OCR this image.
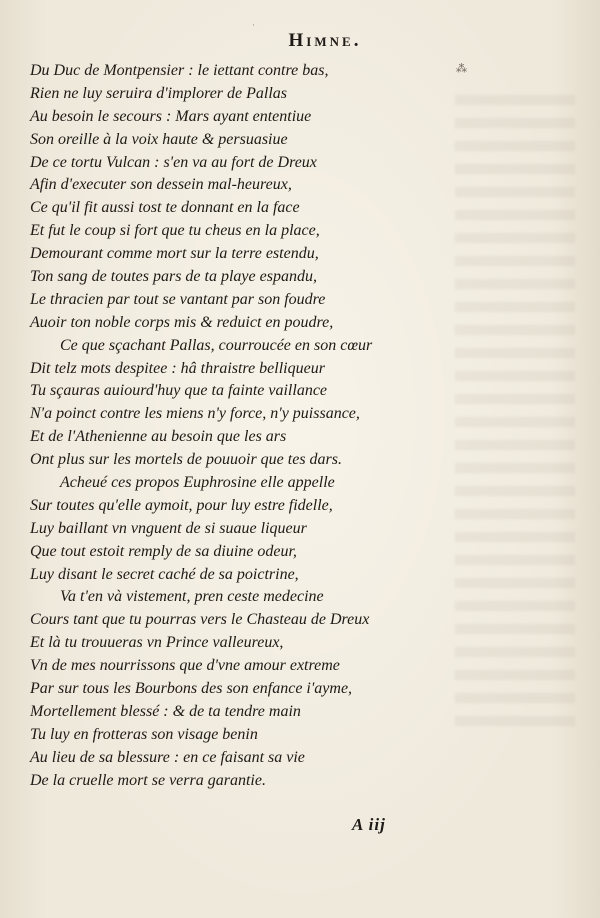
·
Himne.
⁂
Du Duc de Montpensier : le iettant contre bas,
Rien ne luy seruira d'implorer de Pallas
Au besoin le secours : Mars ayant ententiue
Son oreille à la voix haute & persuasiue
De ce tortu Vulcan : s'en va au fort de Dreux
Afin d'executer son dessein mal-heureux,
Ce qu'il fit aussi tost te donnant en la face
Et fut le coup si fort que tu cheus en la place,
Demourant comme mort sur la terre estendu,
Ton sang de toutes pars de ta playe espandu,
Le thracien par tout se vantant par son foudre
Auoir ton noble corps mis & reduict en poudre,
Ce que sçachant Pallas, courroucée en son cœur
Dit telz mots despitee : hâ thraistre belliqueur
Tu sçauras auiourd'huy que ta fainte vaillance
N'a poinct contre les miens n'y force, n'y puissance,
Et de l'Athenienne au besoin que les ars
Ont plus sur les mortels de pouuoir que tes dars.
Acheué ces propos Euphrosine elle appelle
Sur toutes qu'elle aymoit, pour luy estre fidelle,
Luy baillant vn vnguent de si suaue liqueur
Que tout estoit remply de sa diuine odeur,
Luy disant le secret caché de sa poictrine,
Va t'en và vistement, pren ceste medecine
Cours tant que tu pourras vers le Chasteau de Dreux
Et là tu trouueras vn Prince valleureux,
Vn de mes nourrissons que d'vne amour extreme
Par sur tous les Bourbons des son enfance i'ayme,
Mortellement blessé : & de ta tendre main
Tu luy en frotteras son visage benin
Au lieu de sa blessure : en ce faisant sa vie
De la cruelle mort se verra garantie.
A iij
